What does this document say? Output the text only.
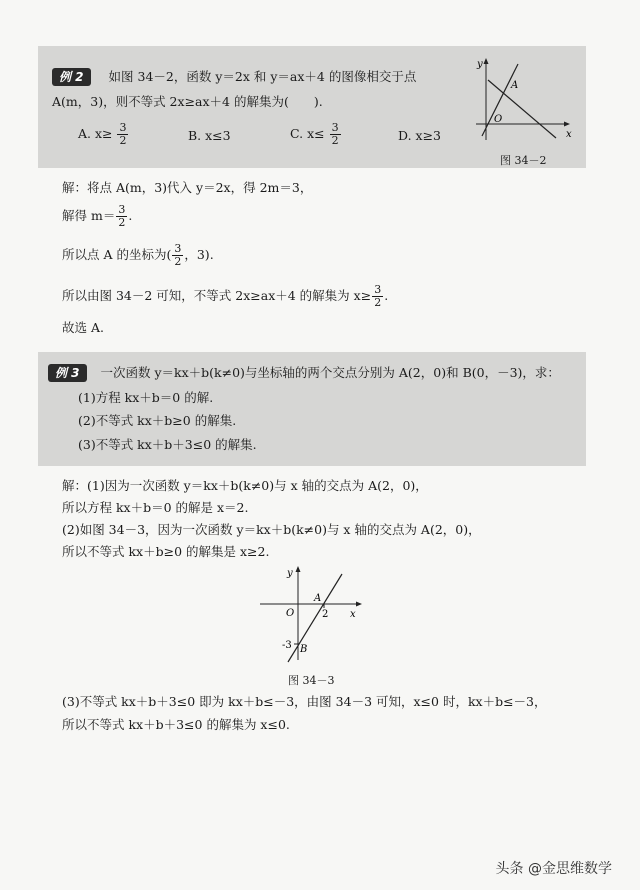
例 2 如图 34－2，函数 y＝2x 和 y＝ax＋4 的图像相交于点
A(m，3)，则不等式 2x≥ax＋4 的解集为(　　).
A. $x\ge \frac{3}{2}$	B. x≤3	C. $x\le \frac{3}{2}$	D. x≥3
y
x
O
A
图 34－2
解：将点 A(m，3)代入 y＝2x，得 2m＝3，
解得 $m= \frac{3}{2}$ .
所以点 A 的坐标为( $\frac{3}{2}$ ，3).
所以由图 34－2 可知，不等式 2x≥ax＋4 的解集为 $x\ge \frac{3}{2}$ .
故选 A.
例 3 一次函数 y＝kx＋b(k≠0)与坐标轴的两个交点分别为 A(2，0)和 B(0，－3)，求：
(1)方程 kx＋b＝0 的解.
(2)不等式 kx＋b≥0 的解集.
(3)不等式 kx＋b＋3≤0 的解集.
解：(1)因为一次函数 y＝kx＋b(k≠0)与 x 轴的交点为 A(2，0)，
所以方程 kx＋b＝0 的解是 x＝2.
(2)如图 34－3，因为一次函数 y＝kx＋b(k≠0)与 x 轴的交点为 A(2，0)，
所以不等式 kx＋b≥0 的解集是 x≥2.
y
x
O
A
2
-3 B
图 34－3
(3)不等式 kx＋b＋3≤0 即为 kx＋b≤－3，由图 34－3 可知，x≤0 时，kx＋b≤－3，
所以不等式 kx＋b＋3≤0 的解集为 x≤0.
头条 @金思维数学
